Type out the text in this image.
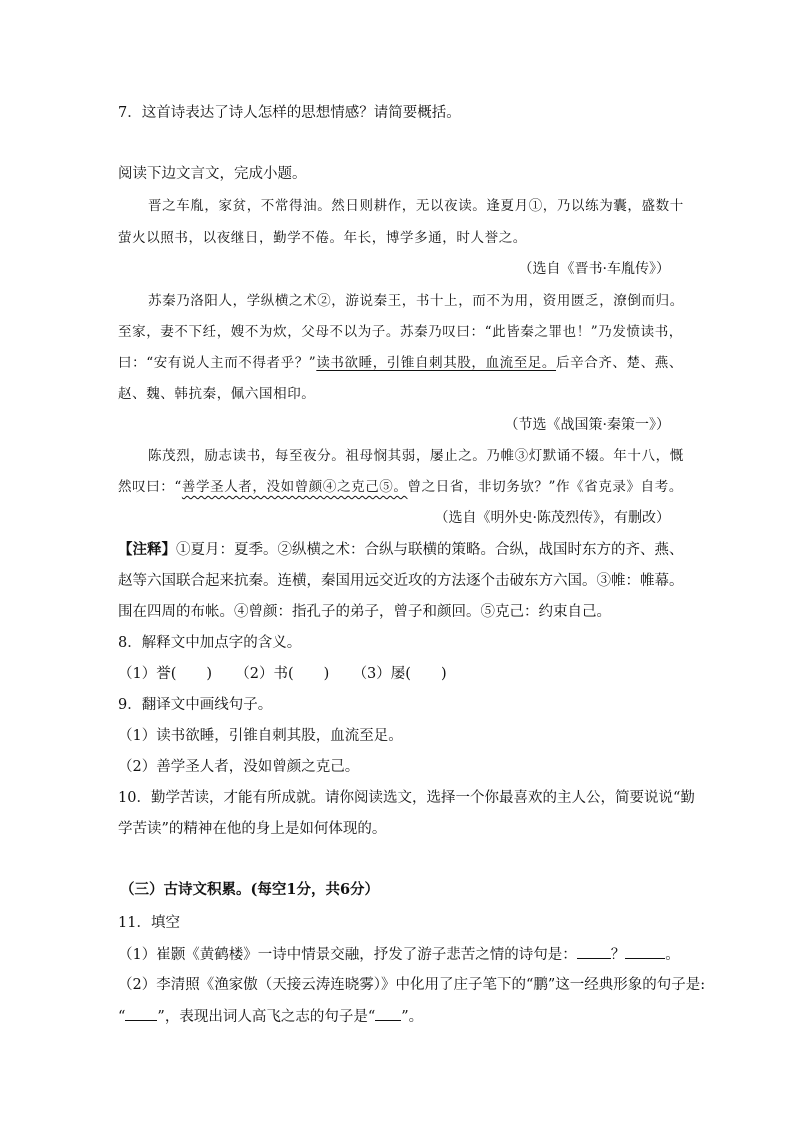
7．这首诗表达了诗人怎样的思想情感？请简要概括。
阅读下边文言文，完成小题。
晋之车胤，家贫，不常得油。然日则耕作，无以夜读。逢夏月①，乃以练为囊，盛数十
萤火以照书，以夜继日，勤学不倦。年长，博学多通，时人誉之。
（选自《晋书·车胤传》）
苏秦乃洛阳人，学纵横之术②，游说秦王，书十上，而不为用，资用匮乏，潦倒而归。
至家，妻不下纴，嫂不为炊，父母不以为子。苏秦乃叹曰：“此皆秦之罪也！”乃发愤读书，
曰：“安有说人主而不得者乎？”读书欲睡，引锥自刺其股，血流至足。后辛合齐、楚、燕、
赵、魏、韩抗秦，佩六国相印。
（节选《战国策·秦策一》）
陈茂烈，励志读书，每至夜分。祖母悯其弱，屡止之。乃帷③灯默诵不辍。年十八，慨
然叹曰：“善学圣人者，没如曾颜④之克己⑤。曾之日省，非切务欤？”作《省克录》自考。
（选自《明外史·陈茂烈传》，有删改）
【注释】①夏月：夏季。②纵横之术：合纵与联横的策略。合纵，战国时东方的齐、燕、
赵等六国联合起来抗秦。连横，秦国用远交近攻的方法逐个击破东方六国。③帷：帷幕。
围在四周的布帐。④曾颜：指孔子的弟子，曾子和颜回。⑤克己：约束自己。
8．解释文中加点字的含义。
（1）誉( ) （2）书( ) （3）屡( )
9．翻译文中画线句子。
（1）读书欲睡，引锥自刺其股，血流至足。
（2）善学圣人者，没如曾颜之克己。
10．勤学苦读，才能有所成就。请你阅读选文，选择一个你最喜欢的主人公，简要说说“勤
学苦读”的精神在他的身上是如何体现的。
（三）古诗文积累。(每空1分，共6分）
11．填空
（1）崔颢《黄鹤楼》一诗中情景交融，抒发了游子悲苦之情的诗句是： ？	。
（2）李清照《渔家傲（天接云涛连晓雾）》中化用了庄子笔下的“鹏”这一经典形象的句子是:
“ ”，表现出词人高飞之志的句子是“ ”。
